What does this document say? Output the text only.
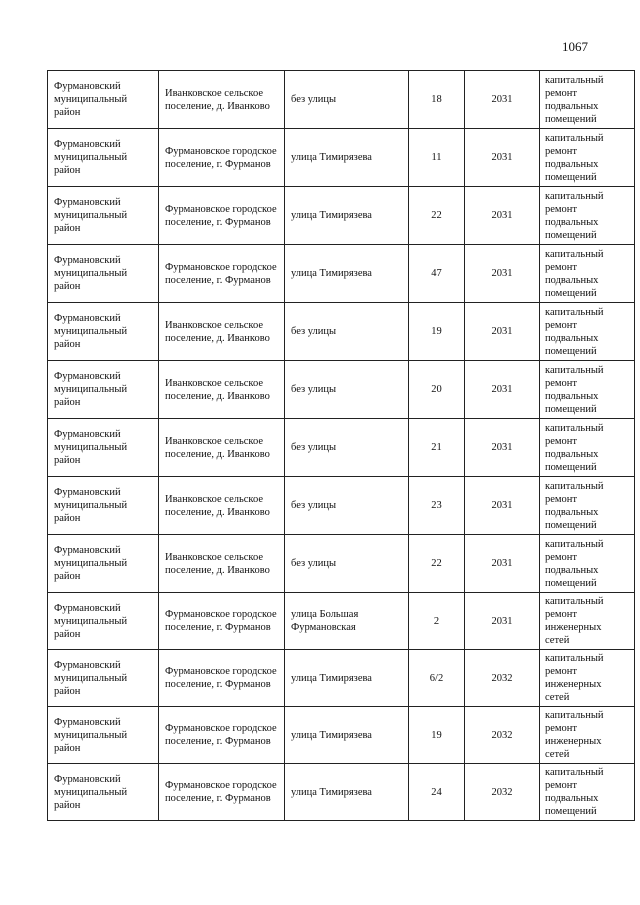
1067
Фурмановский муниципальный район	Иванковское сельское поселение, д. Иванково	без улицы	18	2031	капитальный ремонт подвальных помещений

Фурмановский муниципальный район	Фурмановское городское поселение, г. Фурманов	улица Тимирязева	11	2031	капитальный ремонт подвальных помещений

Фурмановский муниципальный район	Фурмановское городское поселение, г. Фурманов	улица Тимирязева	22	2031	капитальный ремонт подвальных помещений

Фурмановский муниципальный район	Фурмановское городское поселение, г. Фурманов	улица Тимирязева	47	2031	капитальный ремонт подвальных помещений

Фурмановский муниципальный район	Иванковское сельское поселение, д. Иванково	без улицы	19	2031	капитальный ремонт подвальных помещений

Фурмановский муниципальный район	Иванковское сельское поселение, д. Иванково	без улицы	20	2031	капитальный ремонт подвальных помещений

Фурмановский муниципальный район	Иванковское сельское поселение, д. Иванково	без улицы	21	2031	капитальный ремонт подвальных помещений

Фурмановский муниципальный район	Иванковское сельское поселение, д. Иванково	без улицы	23	2031	капитальный ремонт подвальных помещений

Фурмановский муниципальный район	Иванковское сельское поселение, д. Иванково	без улицы	22	2031	капитальный ремонт подвальных помещений

Фурмановский муниципальный район	Фурмановское городское поселение, г. Фурманов	улица Большая Фурмановская	2	2031	капитальный ремонт инженерных сетей

Фурмановский муниципальный район	Фурмановское городское поселение, г. Фурманов	улица Тимирязева	6/2	2032	капитальный ремонт инженерных сетей

Фурмановский муниципальный район	Фурмановское городское поселение, г. Фурманов	улица Тимирязева	19	2032	капитальный ремонт инженерных сетей

Фурмановский муниципальный район	Фурмановское городское поселение, г. Фурманов	улица Тимирязева	24	2032	капитальный ремонт подвальных помещений
